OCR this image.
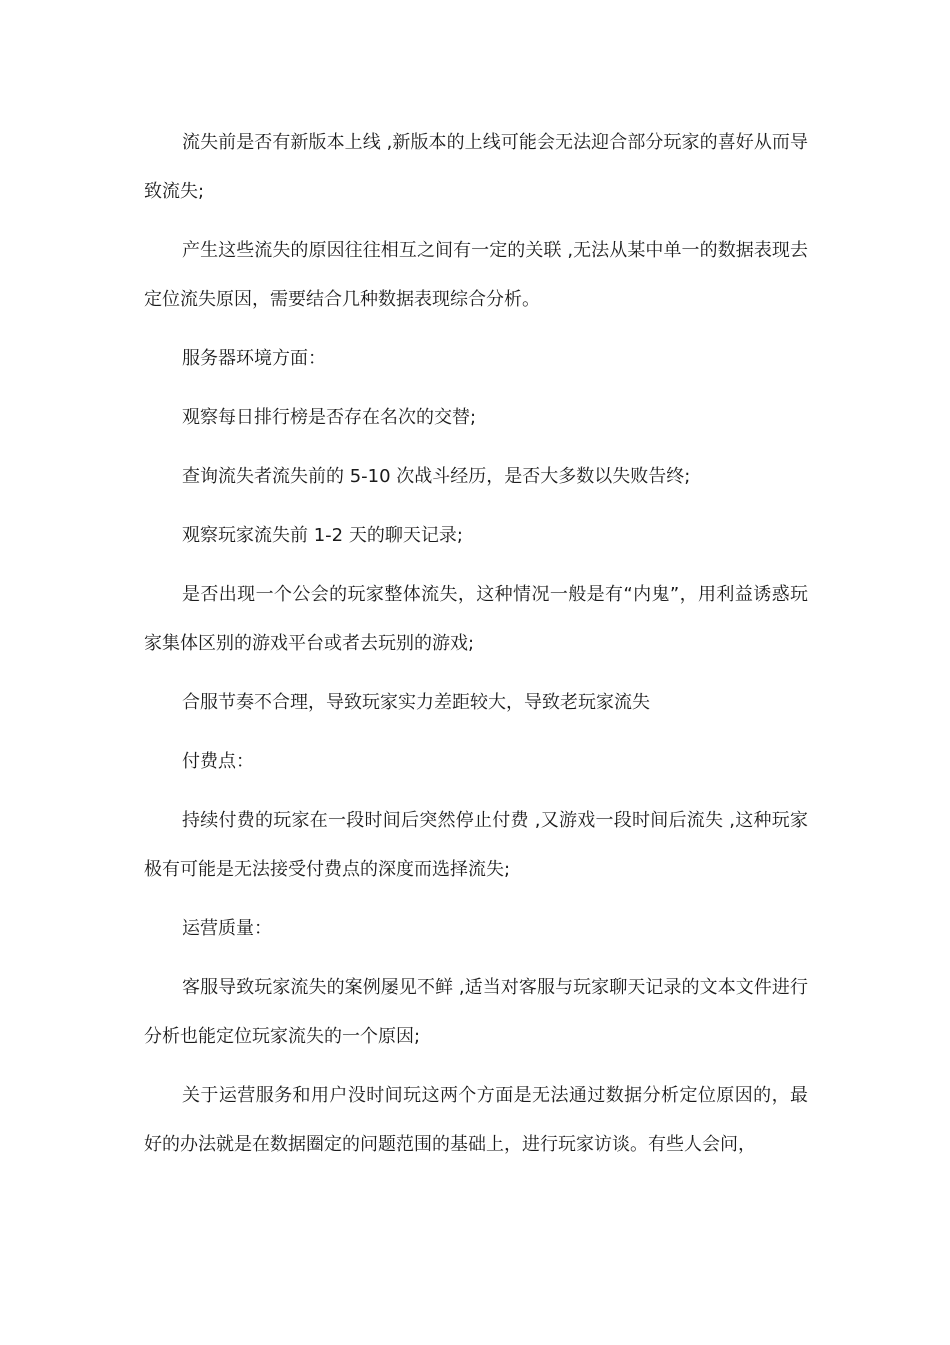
流失前是否有新版本上线 ,新版本的上线可能会无法迎合部分玩家的喜好从而导致流失;

产生这些流失的原因往往相互之间有一定的关联 ,无法从某中单一的数据表现去定位流失原因，需要结合几种数据表现综合分析。

服务器环境方面：

观察每日排行榜是否存在名次的交替;

查询流失者流失前的 5-10 次战斗经历，是否大多数以失败告终;

观察玩家流失前 1-2 天的聊天记录;

是否出现一个公会的玩家整体流失，这种情况一般是有“内鬼”，用利益诱惑玩家集体区别的游戏平台或者去玩别的游戏;

合服节奏不合理，导致玩家实力差距较大，导致老玩家流失

付费点：

持续付费的玩家在一段时间后突然停止付费 ,又游戏一段时间后流失 ,这种玩家极有可能是无法接受付费点的深度而选择流失;

运营质量：

客服导致玩家流失的案例屡见不鲜 ,适当对客服与玩家聊天记录的文本文件进行分析也能定位玩家流失的一个原因;

关于运营服务和用户没时间玩这两个方面是无法通过数据分析定位原因的，最好的办法就是在数据圈定的问题范围的基础上，进行玩家访谈。有些人会问，
